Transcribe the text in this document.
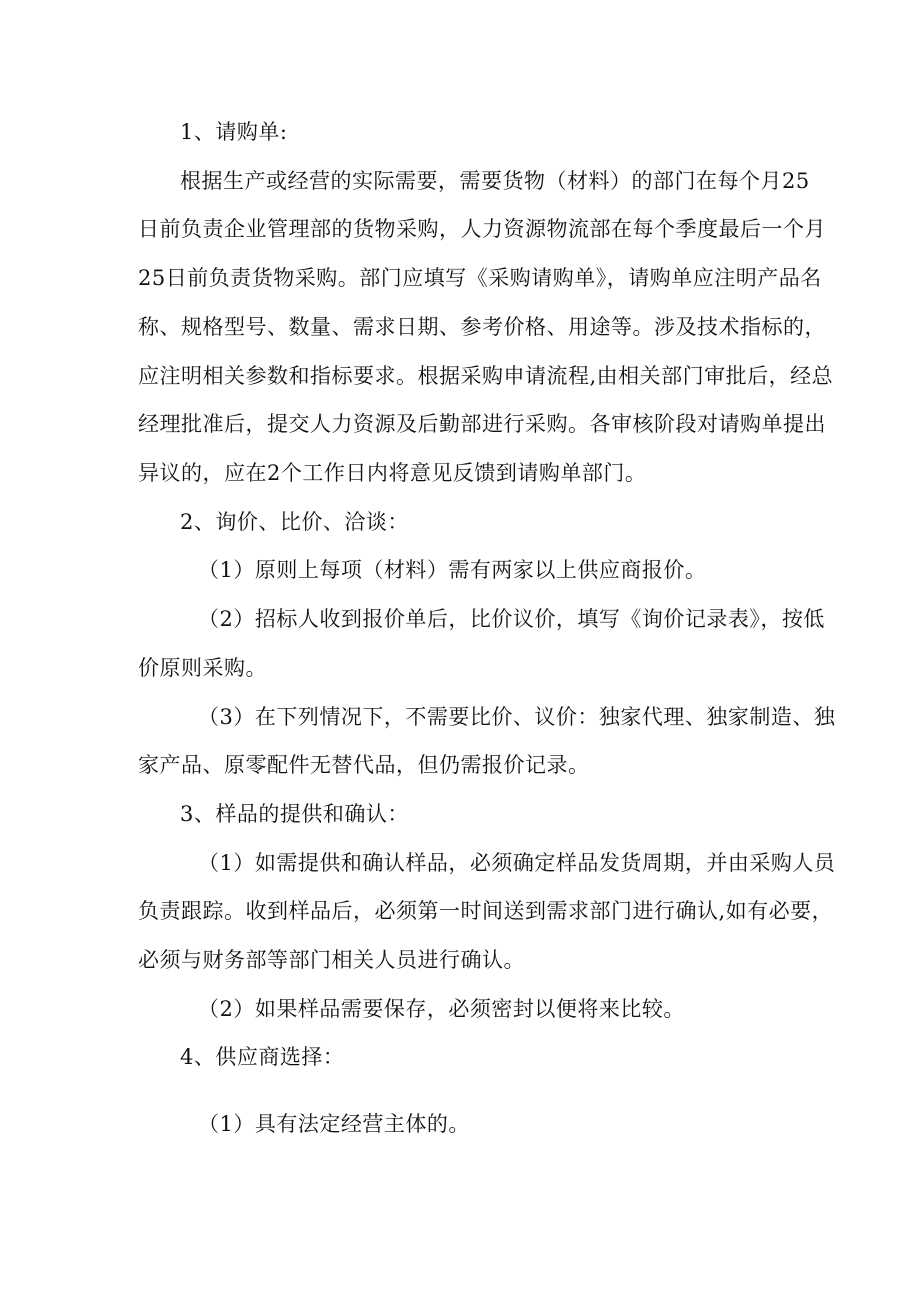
1、请购单:

根据生产或经营的实际需要，需要货物（材料）的部门在每个月25

日前负责企业管理部的货物采购，人力资源物流部在每个季度最后一个月

25日前负责货物采购。部门应填写《采购请购单》，请购单应注明产品名

称、规格型号、数量、需求日期、参考价格、用途等。涉及技术指标的，

应注明相关参数和指标要求。根据采购申请流程,由相关部门审批后，经总

经理批准后，提交人力资源及后勤部进行采购。各审核阶段对请购单提出

异议的，应在2个工作日内将意见反馈到请购单部门。

2、询价、比价、洽谈：

（1）原则上每项（材料）需有两家以上供应商报价。

（2）招标人收到报价单后，比价议价，填写《询价记录表》，按低

价原则采购。

（3）在下列情况下，不需要比价、议价：独家代理、独家制造、独

家产品、原零配件无替代品，但仍需报价记录。

3、样品的提供和确认：

（1）如需提供和确认样品，必须确定样品发货周期，并由采购人员

负责跟踪。收到样品后，必须第一时间送到需求部门进行确认,如有必要，

必须与财务部等部门相关人员进行确认。

（2）如果样品需要保存，必须密封以便将来比较。

4、供应商选择：

（1）具有法定经营主体的。
